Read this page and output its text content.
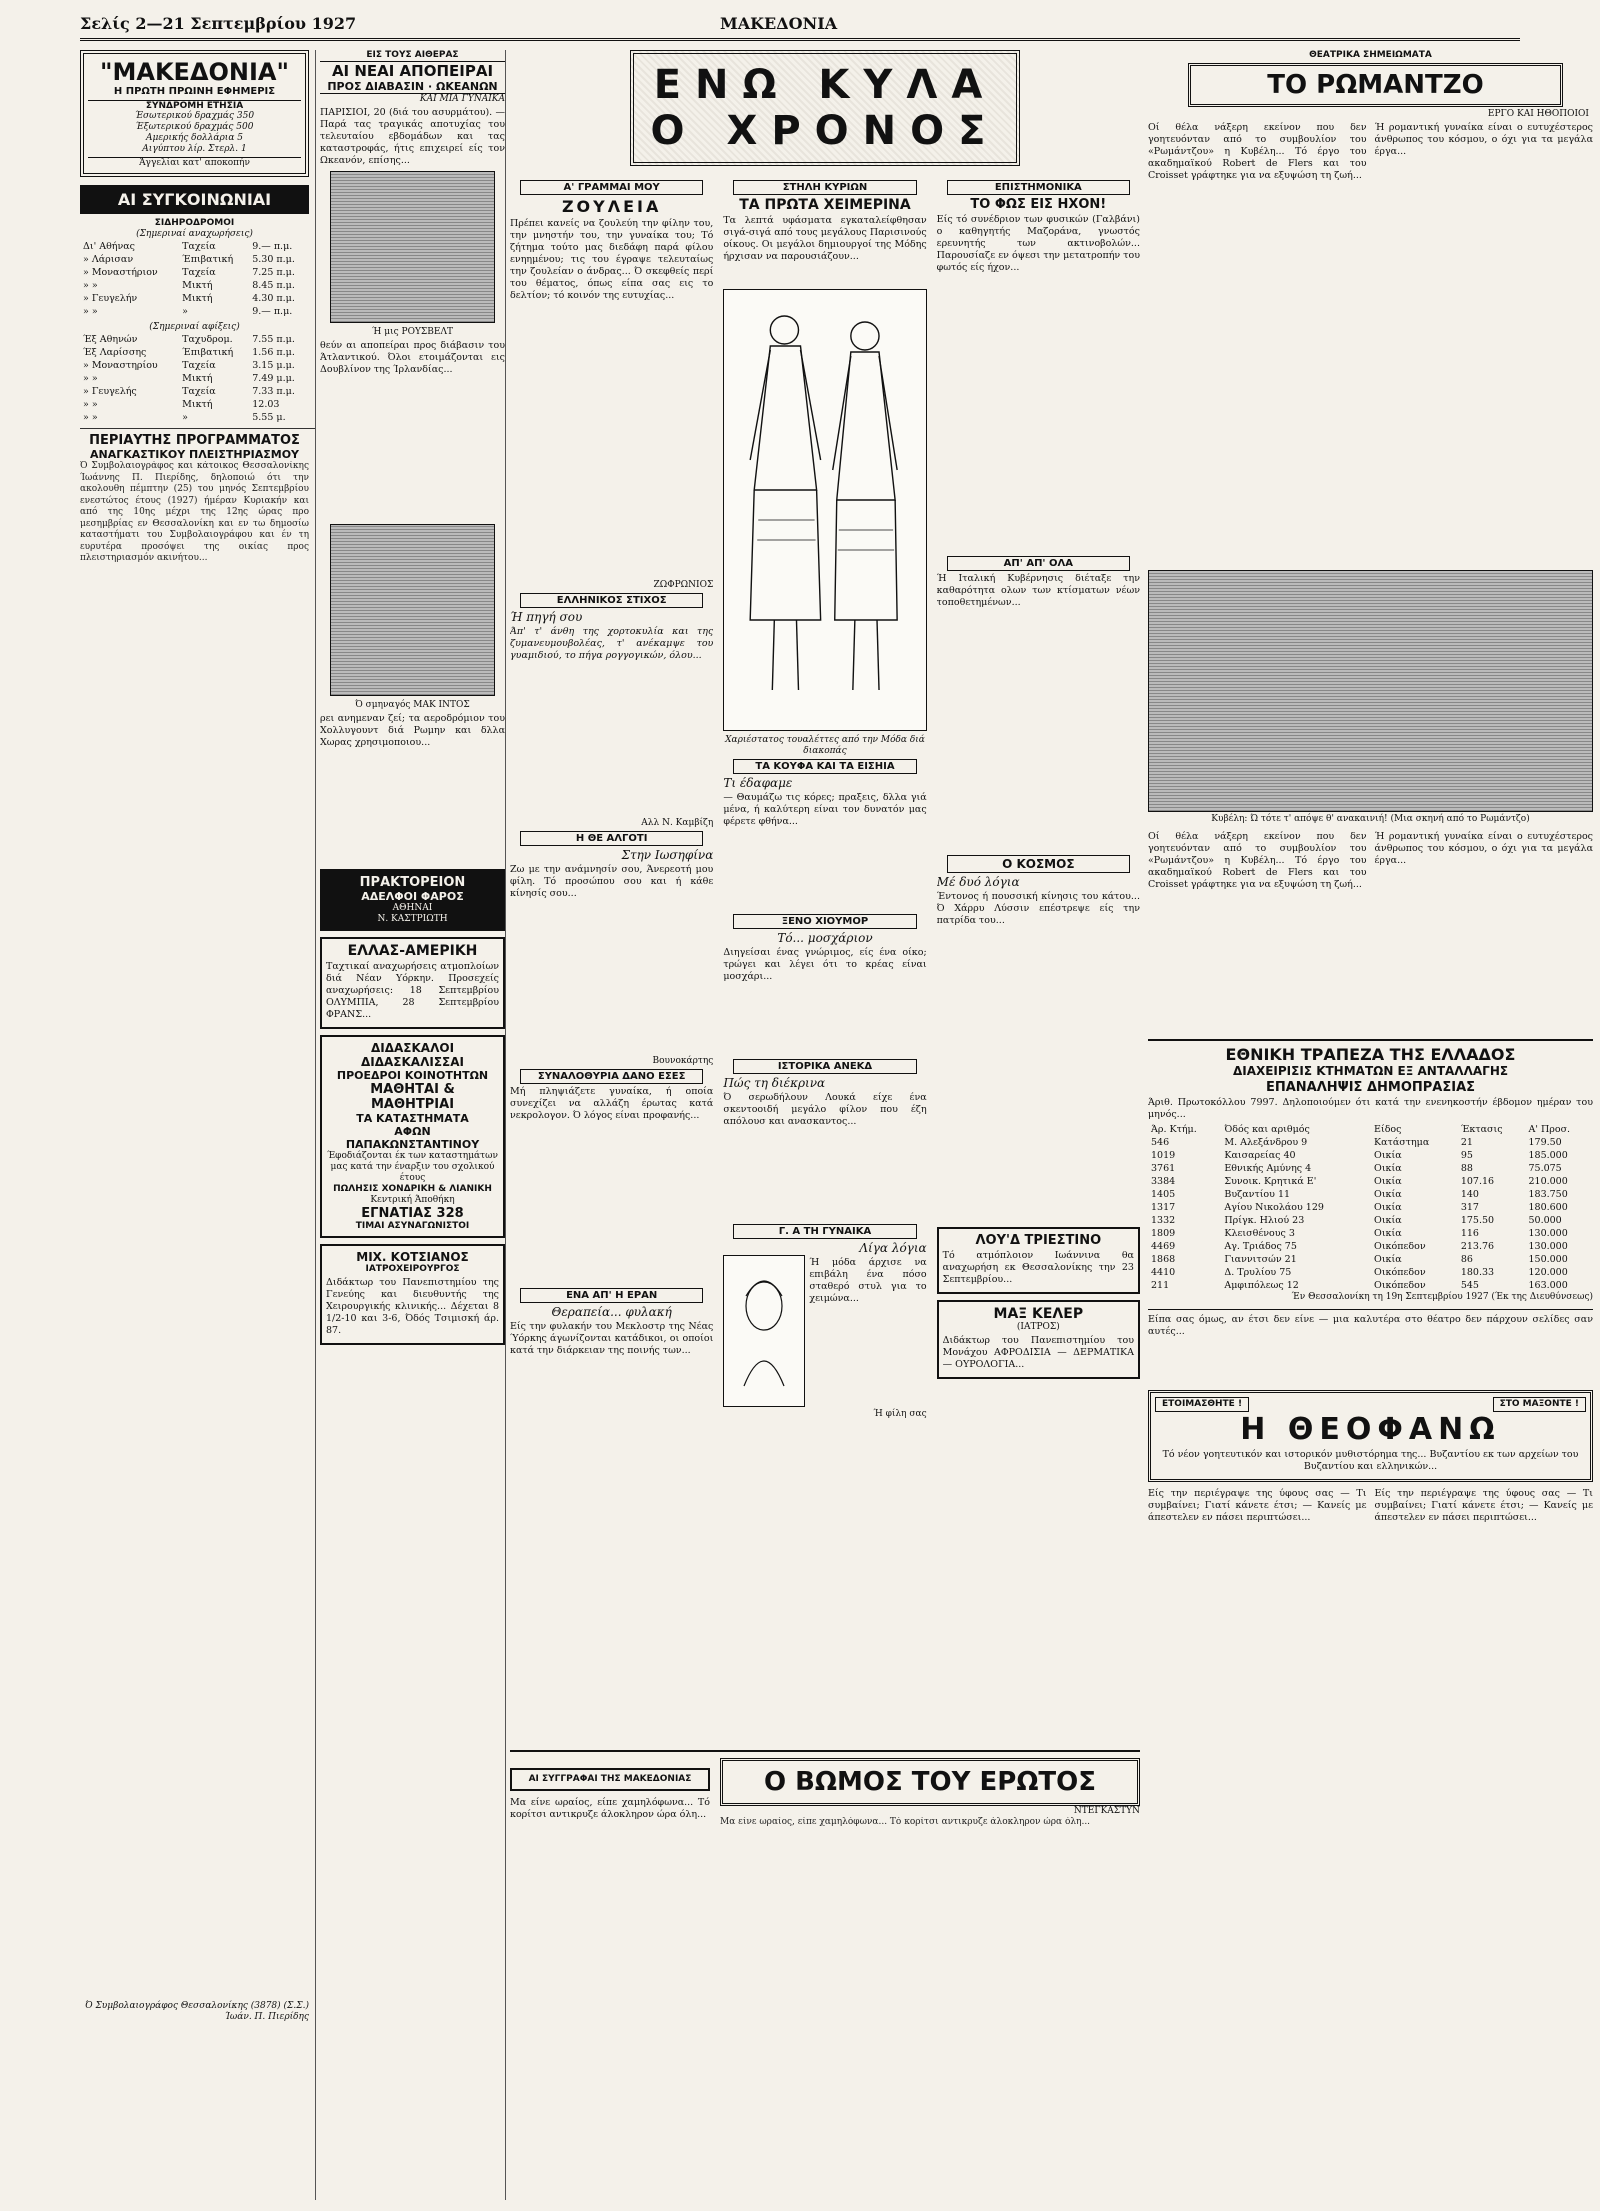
Σελίς 2—21 Σεπτεμβρίου 1927	ΜΑΚΕΔΟΝΙΑ
"ΜΑΚΕΔΟΝΙΑ"
Η ΠΡΩΤΗ ΠΡΩΙΝΗ ΕΦΗΜΕΡΙΣ
ΣΥΝΔΡΟΜΗ ΕΤΗΣΙΑ
Έσωτερικού δραχμάς 350
Έξωτερικού δραχμάς 500
Αμερικής δολλάρια 5
Αιγύπτου λίρ. Στερλ. 1
Άγγελίαι κατ' αποκοπήν
ΑΙ ΣΥΓΚΟΙΝΩΝΙΑΙ
ΣΙΔΗΡΟΔΡΟΜΟΙ
(Σημεριναί αναχωρήσεις)
Δι' Αθήνας	Ταχεία	9.— π.μ.
» Λάρισαν	Έπιβατική	5.30 π.μ.
» Μοναστήριον	Ταχεία	7.25 π.μ.
» »	Μικτή	8.45 π.μ.
» Γευγελήν	Μικτή	4.30 π.μ.
» »	»	9.— π.μ.
(Σημεριναί αφίξεις)
Έξ Αθηνών	Ταχυδρομ.	7.55 π.μ.
Έξ Λαρίσσης	Έπιβατική	1.56 π.μ.
» Μοναστηρίου	Ταχεία	3.15 μ.μ.
» »	Μικτή	7.49 μ.μ.
» Γευγελής	Ταχεία	7.33 π.μ.
» »	Μικτή	12.03
» »	»	5.55 μ.
ΠΕΡΙΑΥΤΗΣ ΠΡΟΓΡΑΜΜΑΤΟΣ
ΑΝΑΓΚΑΣΤΙΚΟΥ ΠΛΕΙΣΤΗΡΙΑΣΜΟΥ
Ό Συμβολαιογράφος και κάτοικος Θεσσαλονίκης Ίωάννης Π. Πιερίδης, δηλοποιώ ότι την ακολουθη πέμπτην (25) του μηνός Σεπτεμβρίου ενεστώτος έτους (1927) ήμέραν Κυριακήν και από της 10ης μέχρι της 12ης ώρας προ μεσημβρίας εν Θεσσαλονίκη και εν τω δημοσίω καταστήματι του Συμβολαιογράφου και έν τη ευρυτέρα προσόψει της οικίας προς πλειστηριασμόν ακινήτου...
Ό Συμβολαιογράφος Θεσσαλονίκης (3878) (Σ.Σ.) Ίωάν. Π. Πιερίδης
ΕΙΣ ΤΟΥΣ ΑΙΘΕΡΑΣ
ΑΙ ΝΕΑΙ ΑΠΟΠΕΙΡΑΙ
ΠΡΟΣ ΔΙΑΒΑΣΙΝ · ΩΚΕΑΝΩΝ
ΚΑΙ ΜΙΑ ΓΥΝΑΙΚΑ
ΠΑΡΙΣΙΟΙ, 20 (διά του ασυρμάτου). — Παρά τας τραγικάς αποτυχίας του τελευταίου εβδομάδων και τας καταστροφάς, ήτις επιχειρεί είς τον Ωκεανόν, επίσης...
Ή μις ΡΟΥΣΒΕΛΤ
θεύν αι αποπείραι προς διάβασιν του Άτλαντικού. Όλοι ετοιμάζονται εις Δουβλίνον της Ίρλανδίας...
Ό σμηναγός ΜΑΚ ΙΝΤΟΣ
ρει ανημεναν ζεί; τα αεροδρόμιον του Χολλυγουντ διά Ρωμην και δλλα Χωρας χρησιμοποιου...
ΠΡΑΚΤΟΡΕΙΟΝ
ΑΔΕΛΦΟΙ ΦΑΡΟΣ
ΑΘΗΝΑΙ
Ν. ΚΑΣΤΡΙΩΤΗ
ΕΛΛΑΣ-ΑΜΕΡΙΚΗ
Ταχτικαί αναχωρήσεις ατμοπλοίων διά Νέαν Υόρκην. Προσεχείς αναχωρήσεις: 18 Σεπτεμβρίου ΟΛΥΜΠΙΑ, 28 Σεπτεμβρίου ΦΡΑΝΣ...
ΔΙΔΑΣΚΑΛΟΙ ΔΙΔΑΣΚΑΛΙΣΣΑΙ
ΠΡΟΕΔΡΟΙ ΚΟΙΝΟΤΗΤΩΝ
ΜΑΘΗΤΑΙ &
ΜΑΘΗΤΡΙΑΙ
ΤΑ ΚΑΤΑΣΤΗΜΑΤΑ
ΑΦΩΝ ΠΑΠΑΚΩΝΣΤΑΝΤΙΝΟΥ
Έφοδιάζονται έκ των καταστημάτων μας κατά την έναρξιν του σχολικού έτους
ΠΩΛΗΣΙΣ ΧΟΝΔΡΙΚΗ & ΛΙΑΝΙΚΗ
Κεντρική Άποθήκη
ΕΓΝΑΤΙΑΣ 328
ΤΙΜΑΙ ΑΣΥΝΑΓΩΝΙΣΤΟΙ
ΜΙΧ. ΚΟΤΣΙΑΝΟΣ
ΙΑΤΡΟΧΕΙΡΟΥΡΓΟΣ
Διδάκτωρ του Πανεπιστημίου της Γενεύης και διευθυντής της Χειρουργικής κλινικής... Δέχεται 8 1/2-10 και 3-6, Όδός Τσιμισκή άρ. 87.
ΕΝΩ ΚΥΛΑ Ο ΧΡΟΝΟΣ
Α' ΓΡΑΜΜΑΙ ΜΟΥ
ΖΟΥΛΕΙΑ
Πρέπει κανείς να ζουλεύη την φίλην του, την μνηστήν του, την γυναίκα του; Τό ζήτημα τούτο μας διεδάφη παρά φίλου ενηημένου; τις του έγραψε τελευταίως την ζουλείαν ο άνδρας... Ό σκεφθείς περί του θέματος, όπως είπα σας εις το δελτίον; τό κοινόν της ευτυχίας...
ΖΩΦΡΩΝΙΟΣ
ΕΛΛΗΝΙΚΟΣ ΣΤΙΧΟΣ
Ή πηγή σου
Άπ' τ' άνθη της χορτοκυλία και της ζυμανευμουβολέας, τ' ανέκαμψε του γυαμιδιού, το πήγα ρογγογικών, όλου...
Αλλ Ν. Καμβίζη
Η ΘΕ ΑΛΓΟΤΙ
Στην Ιωσηφίνα
Ζω με την ανάμνησίν σου, Άνερεοτή μου φίλη. Τό προσώπου σου και ή κάθε κίνησίς σου...
Βουνοκάρτης
ΣΥΝΑΛΟΘΥΡΙΑ ΔΑΝΟ ΕΣΕΣ
Μή πληψιάζετε γυναίκα, ή οποία συνεχίζει να αλλάζη έρωτας κατά νεκρολογον. Ό λόγος είναι προφανής...
ΕΝΑ ΑΠ' Η ΕΡΑΝ
Θεραπεία... φυλακή
Είς την φυλακήν του Μεκλοστρ της Νέας Ύόρκης άγωνίζονται κατάδικοι, οι οποίοι κατά την διάρκειαν της ποινής των...
ΣΤΗΛΗ ΚΥΡΙΩΝ
ΤΑ ΠΡΩΤΑ ΧΕΙΜΕΡΙΝΑ
Τα λεπτά υφάσματα εγκαταλείφθησαν σιγά-σιγά από τους μεγάλους Παρισινούς οίκους. Οι μεγάλοι δημιουργοί της Μόδης ήρχισαν να παρουσιάζουν...
Χαριέστατος τουαλέττες από την Μόδα διά διακοπάς
ΤΑ ΚΟΥΦΑ ΚΑΙ ΤΑ ΕΙΣΗΙΑ
Τι έδαφαμε
— Θαυμάζω τις κόρες; πραξεις, δλλα γιά μένα, ή καλύτερη είναι τον δυνατόν μας φέρετε φθήνα...
ΞΕΝΟ ΧΙΟΥΜΟΡ
Τό... μοσχάριον
Διηγείσαι ένας γνώριμος, είς ένα οίκο; τρώγει και λέγει ότι το κρέας είναι μοσχάρι...
ΙΣΤΟΡΙΚΑ ΑΝΕΚΔ
Πώς τη διέκρινα
Ό σερωδήλουν Λουκά είχε ένα σκεντοοιδή μεγάλο φίλον που έζη απόλουσ και ανασκαντος...
Γ. Α ΤΗ ΓΥΝΑΙΚΑ
Λίγα λόγια
Ή μόδα άρχισε να επιβάλη ένα πόσο σταθερό στυλ για το χειμώνα...
Ή φίλη σας
ΕΠΙΣΤΗΜΟΝΙΚΑ
ΤΟ ΦΩΣ ΕΙΣ ΗΧΟΝ!
Είς τό συνέδριον των φυσικών (Γαλβάνι) ο καθηγητής Μαζοράνα, γνωστός ερευνητής των ακτινοβολών... Παρουσίαζε εν όψεσι την μετατροπήν του φωτός είς ήχον...
ΑΠ' ΑΠ' ΟΛΑ
Ή Ιταλική Κυβέρνησις διέταξε την καθαρότητα ολων των κτίσματων νέων τοποθετημένων...
Ο ΚΟΣΜΟΣ
Μέ δυό λόγια
Έντονος ή πουσσική κίνησις του κάτου... Ό Χάρρυ Λύσσιν επέστρεψε είς την πατρίδα του...
ΛΟΥ'Δ ΤΡΙΕΣΤΙΝΟ
Τό ατμόπλοιον Ιωάννινα θα αναχωρήση εκ Θεσσαλονίκης την 23 Σεπτεμβρίου...
ΜΑΞ ΚΕΛΕΡ
(ΙΑΤΡΟΣ)
Διδάκτωρ του Πανεπιστημίου του Μονάχου ΑΦΡΟΔΙΣΙΑ — ΔΕΡΜΑΤΙΚΑ — ΟΥΡΟΛΟΓΙΑ...
ΑΙ ΣΥΓΓΡΑΦΑΙ ΤΗΣ ΜΑΚΕΔΟΝΙΑΣ
Μα είνε ωραίος, είπε χαμηλόφωνα... Τό κορίτσι αντικρυζε άλοκληρον ώρα όλη...
Ο ΒΩΜΟΣ ΤΟΥ ΕΡΩΤΟΣ
ΝΤΕΓΚΑΣΤΥΝ
Μα είνε ωραίος, είπε χαμηλόφωνα... Τό κορίτσι αντικρυζε άλοκληρον ώρα όλη...
ΘΕΑΤΡΙΚΑ ΣΗΜΕΙΩΜΑΤΑ
ΤΟ ΡΩΜΑΝΤΖΟ
ΕΡΓΟ ΚΑΙ ΗΘΟΠΟΙΟΙ
Οί θέλα νάξερη εκείνον που δεν γοητευόνταν από το συμβουλίον του «Ρωμάντζου» η Κυβέλη... Τό έργο του ακαδημαϊκού Robert de Flers και του Croisset γράφτηκε για να εξυψώση τη ζωή...
Ή ρομαντική γυναίκα είναι ο ευτυχέστερος άνθρωπος του κόσμου, ο όχι για τα μεγάλα έργα...
Κυβέλη: Ώ τότε τ' απόψε θ' ανακαινιή! (Μια σκηνή από το Ρωμάντζο)
Οί θέλα νάξερη εκείνον που δεν γοητευόνταν από το συμβουλίον του «Ρωμάντζου» η Κυβέλη... Τό έργο του ακαδημαϊκού Robert de Flers και του Croisset γράφτηκε για να εξυψώση τη ζωή...
Ή ρομαντική γυναίκα είναι ο ευτυχέστερος άνθρωπος του κόσμου, ο όχι για τα μεγάλα έργα...
ΕΘΝΙΚΗ ΤΡΑΠΕΖΑ ΤΗΣ ΕΛΛΑΔΟΣ
ΔΙΑΧΕΙΡΙΣΙΣ ΚΤΗΜΑΤΩΝ ΕΞ ΑΝΤΑΛΛΑΓΗΣ
ΕΠΑΝΑΛΗΨΙΣ ΔΗΜΟΠΡΑΣΙΑΣ
Άριθ. Πρωτοκόλλου 7997. Δηλοποιούμεν ότι κατά την ενενηκοστήν έβδομον ημέραν του μηνός...
Άρ. Κτήμ.	Όδός και αριθμός	Είδος	Έκτασις	Α' Προσ.
546	Μ. Αλεξάνδρου 9	Κατάστημα	21	179.50
1019	Καισαρείας 40	Οικία	95	185.000
3761	Εθνικής Αμύνης 4	Οικία	88	75.075
3384	Συνοικ. Κρητικά Ε'	Οικία	107.16	210.000
1405	Βυζαντίου 11	Οικία	140	183.750
1317	Αγίου Νικολάου 129	Οικία	317	180.600
1332	Πρίγκ. Ηλιού 23	Οικία	175.50	50.000
1809	Κλεισθένους 3	Οικία	116	130.000
4469	Αγ. Τριάδος 75	Οικόπεδον	213.76	130.000
1868	Γιαννιτσών 21	Οικία	86	150.000
4410	Δ. Τρυλίου 75	Οικόπεδον	180.33	120.000
211	Αμφιπόλεως 12	Οικόπεδον	545	163.000
Έν Θεσσαλονίκη τη 19η Σεπτεμβρίου 1927 (Έκ της Διευθύνσεως)
Είπα σας όμως, αν έτσι δεν είνε — μια καλυτέρα στο θέατρο δεν πάρχουν σελίδες σαν αυτές...
ΕΤΟΙΜΑΣΘΗΤΕ !	ΣΤΟ ΜΑΞΟΝΤΕ !
Η ΘΕΟΦΑΝΩ
Τό νέον γοητευτικόν και ιστορικόν μυθιστόρημα της... Βυζαντίου εκ των αρχείων του Βυζαντίου και ελληνικών...
Είς την περιέγραψε της ύφους σας — Τι συμβαίνει; Γιατί κάνετε έτσι; — Κανείς με άπεστελεν εν πάσει περιπτώσει...
Είς την περιέγραψε της ύφους σας — Τι συμβαίνει; Γιατί κάνετε έτσι; — Κανείς με άπεστελεν εν πάσει περιπτώσει...
